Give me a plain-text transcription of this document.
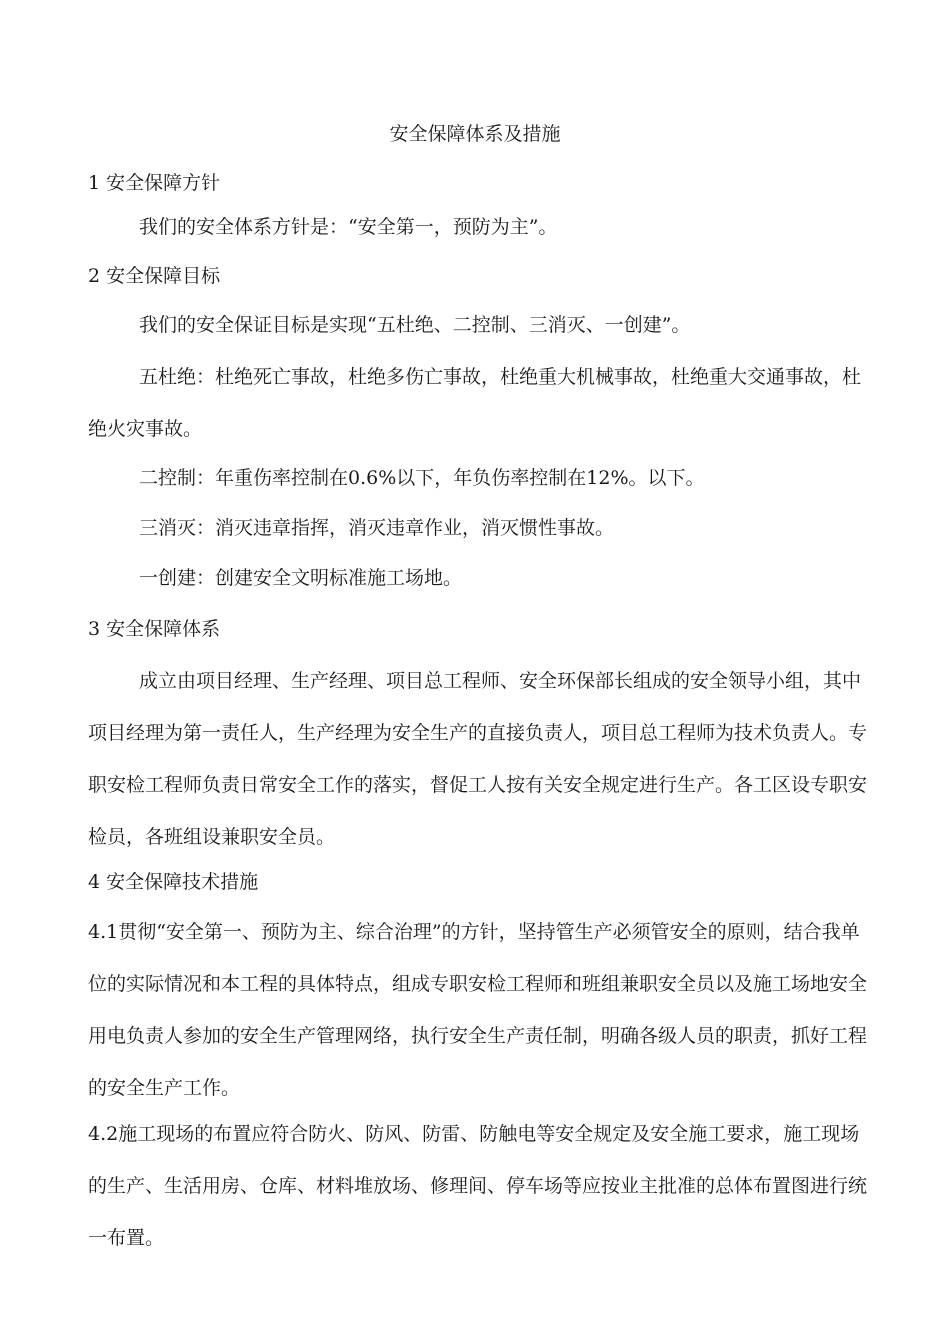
安全保障体系及措施
1 安全保障方针

我们的安全体系方针是：“安全第一，预防为主”。

2 安全保障目标

我们的安全保证目标是实现“五杜绝、二控制、三消灭、一创建”。

五杜绝：杜绝死亡事故，杜绝多伤亡事故，杜绝重大机械事故，杜绝重大交通事故，杜绝火灾事故。

二控制：年重伤率控制在0.6%以下，年负伤率控制在12%。以下。

三消灭：消灭违章指挥，消灭违章作业，消灭惯性事故。

一创建：创建安全文明标准施工场地。

3 安全保障体系

成立由项目经理、生产经理、项目总工程师、安全环保部长组成的安全领导小组，其中项目经理为第一责任人，生产经理为安全生产的直接负责人，项目总工程师为技术负责人。专职安检工程师负责日常安全工作的落实，督促工人按有关安全规定进行生产。各工区设专职安检员，各班组设兼职安全员。

4 安全保障技术措施

4.1贯彻“安全第一、预防为主、综合治理”的方针，坚持管生产必须管安全的原则，结合我单位的实际情况和本工程的具体特点，组成专职安检工程师和班组兼职安全员以及施工场地安全用电负责人参加的安全生产管理网络，执行安全生产责任制，明确各级人员的职责，抓好工程的安全生产工作。

4.2施工现场的布置应符合防火、防风、防雷、防触电等安全规定及安全施工要求，施工现场的生产、生活用房、仓库、材料堆放场、修理间、停车场等应按业主批准的总体布置图进行统一布置。
